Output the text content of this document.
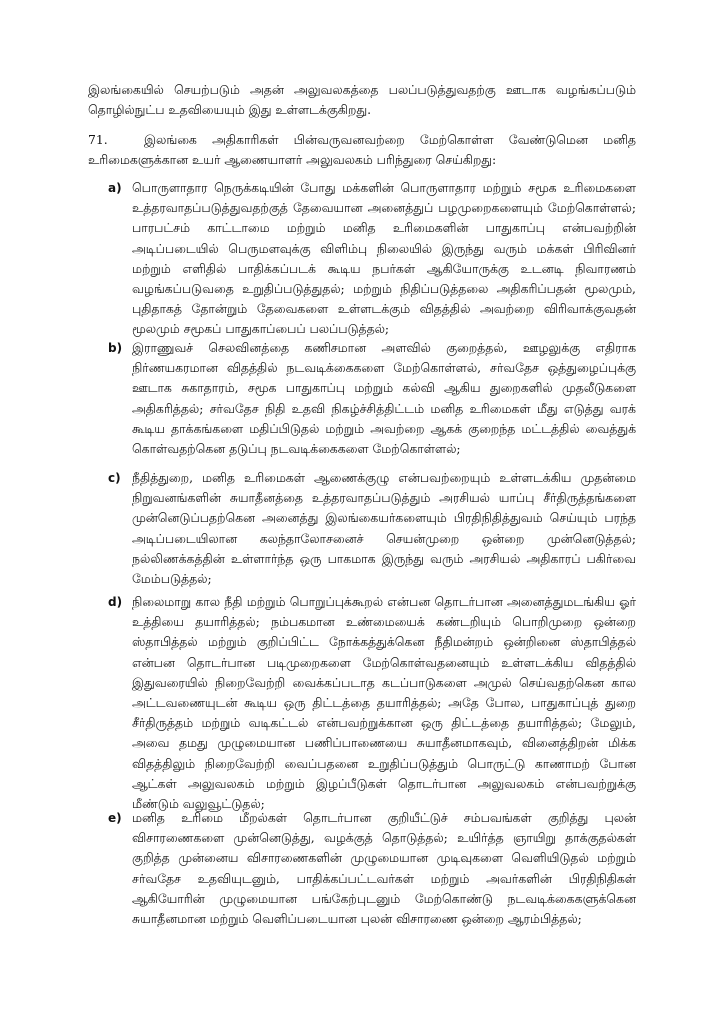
இலங்கையில் செயற்படும் அதன் அலுவலகத்தை பலப்படுத்துவதற்கு ஊடாக வழங்கப்படும் தொழில்நுட்ப உதவியையும் இது உள்ளடக்குகிறது.

71.	இலங்கை அதிகாரிகள் பின்வருவனவற்றை மேற்கொள்ள வேண்டுமென மனித உரிமைகளுக்கான உயர் ஆணையாளர் அலுவலகம் பரிந்துரை செய்கிறது:

a) பொருளாதார நெருக்கடியின் போது மக்களின் பொருளாதார மற்றும் சமூக உரிமைகளை உத்தரவாதப்படுத்துவதற்குத் தேவையான அனைத்துப் பழமுறைகளையும் மேற்கொள்ளல்; பாரபட்சம் காட்டாமை மற்றும் மனித உரிமைகளின் பாதுகாப்பு என்பவற்றின் அடிப்படையில் பெருமளவுக்கு விளிம்பு நிலையில் இருந்து வரும் மக்கள் பிரிவினர் மற்றும் எளிதில் பாதிக்கப்படக் கூடிய நபர்கள் ஆகியோருக்கு உடனடி நிவாரணம் வழங்கப்படுவதை உறுதிப்படுத்துதல்; மற்றும் நிதிப்படுத்தலை அதிகரிப்பதன் மூலமும், புதிதாகத் தோன்றும் தேவைகளை உள்ளடக்கும் விதத்தில் அவற்றை விரிவாக்குவதன் மூலமும் சமூகப் பாதுகாப்பைப் பலப்படுத்தல்;
b) இராணுவச் செலவினத்தை கணிசமான அளவில் குறைத்தல், ஊழலுக்கு எதிராக நிர்ணயகரமான விதத்தில் நடவடிக்கைகளை மேற்கொள்ளல், சர்வதேச ஒத்துழைப்புக்கு ஊடாக சுகாதாரம், சமூக பாதுகாப்பு மற்றும் கல்வி ஆகிய துறைகளில் முதலீடுகளை அதிகரித்தல்; சர்வதேச நிதி உதவி நிகழ்ச்சித்திட்டம் மனித உரிமைகள் மீது எடுத்து வரக் கூடிய தாக்கங்களை மதிப்பிடுதல் மற்றும் அவற்றை ஆகக் குறைந்த மட்டத்தில் வைத்துக் கொள்வதற்கென தடுப்பு நடவடிக்கைகளை மேற்கொள்ளல்;
c) நீதித்துறை, மனித உரிமைகள் ஆணைக்குழு என்பவற்றையும் உள்ளடக்கிய முதன்மை நிறுவனங்களின் சுயாதீனத்தை உத்தரவாதப்படுத்தும் அரசியல் யாப்பு சீர்திருத்தங்களை முன்னெடுப்பதற்கென அனைத்து இலங்கையர்களையும் பிரதிநிதித்துவம் செய்யும் பரந்த அடிப்படையிலான கலந்தாலோசனைச் செயன்முறை ஒன்றை முன்னெடுத்தல்; நல்லிணக்கத்தின் உள்ளார்ந்த ஒரு பாகமாக இருந்து வரும் அரசியல் அதிகாரப் பகிர்வை மேம்படுத்தல்;
d) நிலைமாறு கால நீதி மற்றும் பொறுப்புக்கூறல் என்பன தொடர்பான அனைத்துமடங்கிய ஓர் உத்தியை தயாரித்தல்; நம்பகமான உண்மையைக் கண்டறியும் பொறிமுறை ஒன்றை ஸ்தாபித்தல் மற்றும் குறிப்பிட்ட நோக்கத்துக்கென நீதிமன்றம் ஒன்றினை ஸ்தாபித்தல் என்பன தொடர்பான படிமுறைகளை மேற்கொள்வதனையும் உள்ளடக்கிய விதத்தில் இதுவரையில் நிறைவேற்றி வைக்கப்படாத கடப்பாடுகளை அமுல் செய்வதற்கென கால அட்டவணையுடன் கூடிய ஒரு திட்டத்தை தயாரித்தல்; அதே போல, பாதுகாப்புத் துறை சீர்திருத்தம் மற்றும் வடிகட்டல் என்பவற்றுக்கான ஒரு திட்டத்தை தயாரித்தல்; மேலும், அவை தமது முழுமையான பணிப்பாணையை சுயாதீனமாகவும், வினைத்திறன் மிக்க விதத்திலும் நிறைவேற்றி வைப்பதனை உறுதிப்படுத்தும் பொருட்டு காணாமற் போன ஆட்கள் அலுவலகம் மற்றும் இழப்பீடுகள் தொடர்பான அலுவலகம் என்பவற்றுக்கு மீண்டும் வலுவூட்டுதல்;
e) மனித உரிமை மீறல்கள் தொடர்பான குறியீட்டுச் சம்பவங்கள் குறித்து புலன் விசாரணைகளை முன்னெடுத்து, வழக்குத் தொடுத்தல்; உயிர்த்த ஞாயிறு தாக்குதல்கள் குறித்த முன்னைய விசாரணைகளின் முழுமையான முடிவுகளை வெளியிடுதல் மற்றும் சர்வதேச உதவியுடனும், பாதிக்கப்பட்டவர்கள் மற்றும் அவர்களின் பிரதிநிதிகள் ஆகியோரின் முழுமையான பங்கேற்புடனும் மேற்கொண்டு நடவடிக்கைகளுக்கென சுயாதீனமான மற்றும் வெளிப்படையான புலன் விசாரணை ஒன்றை ஆரம்பித்தல்;
